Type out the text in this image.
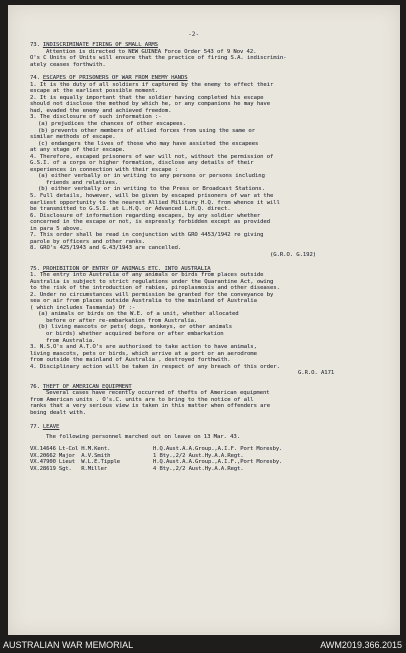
-2-
73. INDISCRIMINATE FIRING OF SMALL ARMS
Attention is directed to NEW GUINEA Force Order 543 of 9 Nov 42.
O's C Units of Units will ensure that the practice of firing S.A. indiscrimin-
ately ceases forthwith.
74. ESCAPES OF PRISONERS OF WAR FROM ENEMY HANDS
1. It is the duty of all soldiers if captured by the enemy to effect their
escape at the earliest possible moment.
2. It is equally important that the soldier having completed his escape
should not disclose the method by which he, or any companions he may have
had, evaded the enemy and achieved freedom.
3. The disclosure of such information :-
(a) prejudices the chances of other escapees.
(b) prevents other members of allied forces from using the same or
similar methods of escape.
(c) endangers the lives of those who may have assisted the escapees
at any stage of their escape.
4. Therefore, escaped prisoners of war will not, without the permission of
G.S.I. of a corps or higher formation, disclose any details of their
experiences in connection with their escape :
(a) either verbally or in writing to any persons or persons including
friends and relatives.
(b) either verbally or in writing to the Press or Broadcast Stations.
5. Full details, however, will be given by escaped prisoners of war at the
earliest opportunity to the nearest Allied Military H.Q. from whence it will
be transmitted to G.S.I. at L.H.Q. or Advanced L.H.Q. direct.
6. Disclosure of information regarding escapes, by any soldier whether
concerned in the escape or not, is expressly forbidden except as provided
in para 5 above.
7. This order shall be read in conjunction with GRO 4453/1942 re giving
parole by officers and other ranks.
8. GRO's 425/1943 and G.43/1943 are cancelled.
(G.R.O. G.192)
75. PROHIBITION OF ENTRY OF ANIMALS ETC. INTO AUSTRALIA
1. The entry into Australia of any animals or birds from places outside
Australia is subject to strict regulations under the Quarantine Act, owing
to the risk of the introduction of rabies, piroplasmosis and other diseases.
2. Under no circumstances will permission be granted for the conveyance by
sea or air from places outside Australia to the mainland of Australia
( which includes Tasmania) Of :-
(a) animals or birds on the W.E. of a unit, whether allocated
before or after re-embarkation from Australia.
(b) living mascots or pets( dogs, monkeys, or other animals
or birds) whether acquired before or after embarkation
from Australia.
3. N.S.O's and A.T.O's are authorised to take action to have animals,
living mascots, pets or birds, which arrive at a port or an aerodrome
from outside the mainland of Australia , destroyed forthwith.
4. Disciplinary action will be taken in respect of any breach of this order.
G.R.O. A171
76. THEFT OF AMERICAN EQUIPMENT
Several cases have recently occurred of thefts of American equipment
from American units . O's.C. units are to bring to the notice of all
ranks that a very serious view is taken in this matter when offenders are
being dealt with.
77. LEAVE
The following personnel marched out on leave on 13 Mar. 43.
VX.14646	Lt-Col	H.M.Kent.	H.Q.Aust.A.A.Group.,A.I.F. Port Moresby.
VX.20662	Major	A.V.Smith	1 Bty.,2/2 Aust.Hy.A.A.Regt.
VX.47900	Lieut	W.L.E.Tipple	H.Q.Aust.A.A.Group.,A.I.F.,Port Moresby.
VX.28619	Sgt.	R.Miller	4 Bty.,2/2 Aust.Hy.A.A.Regt.
AUSTRALIAN WAR MEMORIAL	AWM2019.366.2015
